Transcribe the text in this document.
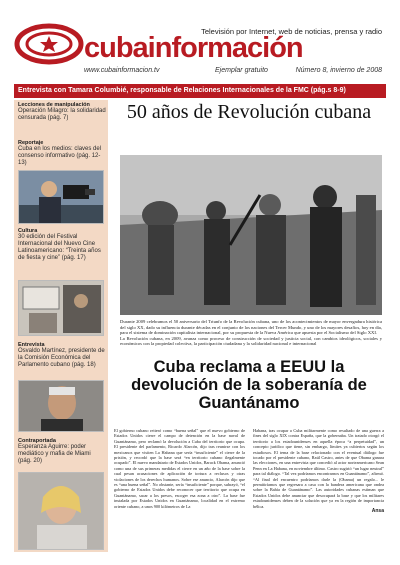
Televisión por Internet, web de noticias, prensa y radio
cubainformación
www.cubainformacion.tv	Ejemplar gratuito	Número 8, invierno de 2008
Entrevista con Tamara Columbié, responsable de Relaciones Internacionales de la FMC (pág.s 8-9)
Lecciones de manipulación
Operación Milagro: la solidaridad censurada (pág. 7)
Reportaje
Cuba en los medios: claves del consenso informativo (pág. 12-13)
Cultura
30 edición del Festival Internacional del Nuevo Cine Latinoamericano: “Treinta años de fiesta y cine” (pág. 17)
Entrevista
Osvaldo Martínez, presidente de la Comisión Económica del Parlamento cubano (pág. 18)
Contraportada
Esperanza Aguirre: poder mediático y mafia de Miami (pág. 20)
50 años de Revolución cubana

Durante 2009 celebramos el 50 aniversario del Triunfo de la Revolución cubana, uno de los acontecimientos de mayor envergadura histórica del siglo XX, dado su influencia durante décadas en el conjunto de los naciones del Tercer Mundo, y uno de los mayores desafíos, hoy en día, para el sistema de dominación capitalista internacional, por su propuesta de la Nueva América que apuesta por el Socialismo del Siglo XXI.

La Revolución cubana, en 2009, avanza como proceso de construcción de sociedad y justicia social, con cambios ideológicos, sociales y económicos con la propiedad colectiva, la participación ciudadana y la solidaridad nacional e internacional

Cuba reclama a EEUU la devolución de la soberanía de Guantánamo
El gobierno cubano reiteró como “buena señal” que el nuevo gobierno de Estados Unidos cierre el campo de detención en la base naval de Guantánamo, pero reclamó la devolución a Cuba del territorio que ocupa. El presidente del parlamento, Ricardo Alarcón, dijo tras reunirse con los mexicanos que visiten La Habana que sería “insuficiente” el cierre de la prisión, y recordó que la base será “en territorio cubano ilegalmente ocupado”. El nuevo mandatario de Estados Unidos, Barack Obama, anunció como una de sus primeras medidas el cierre en un año de la base sobre la cual pesan acusaciones de aplicación de tortura a reclusos y otras violaciones de los derechos humanos. Sobre ese anuncio, Alarcón dijo que es “una buena señal”. No obstante, sería “insuficiente” porque, subrayó, “el gobierno de Estados Unidos debe reconocer que territorio que ocupa en Guantánamo, sacar a los presos, escoger esa zona a otro”. La base fue instalada por Estados Unidos en Guantánamo, localidad en el extremo oriente cubano, a unos 900 kilómetros de La
Habana, tras ocupar a Cuba militarmente como resultado de una guerra a fines del siglo XIX contra España, que la gobernaba. Un tratado otorgó el territorio a los estadounidenses en aquella época “a perpetuidad”, un concepto jurídico que tiene, sin embargo, límites ya cubiertos según los estudiosos. El tema de la base relacionado con el eventual diálogo fue tocado por el presidente cubano, Raúl Castro, antes de que Obama ganara las elecciones, en una entrevista que concedió al actor norteamericano Sean Penn en La Habana, en noviembre último. Castro sugirió “un lugar neutral” para tal diálogo. “Tal vez podríamos encontrarnos en Guantánamo”, afirmó. “Al final del encuentro podríamos darle la (Obama) un regalo... le permitiríamos que regresara a casa con la bandera americana que ondea sobre la Bahía de Guantánamo”. Las autoridades cubanas estiman que Estados Unidos debe anunciar que desocupará la base y que los militares estadounidenses deben de la solución que ya en la región de importancia bélica.
Ansa
